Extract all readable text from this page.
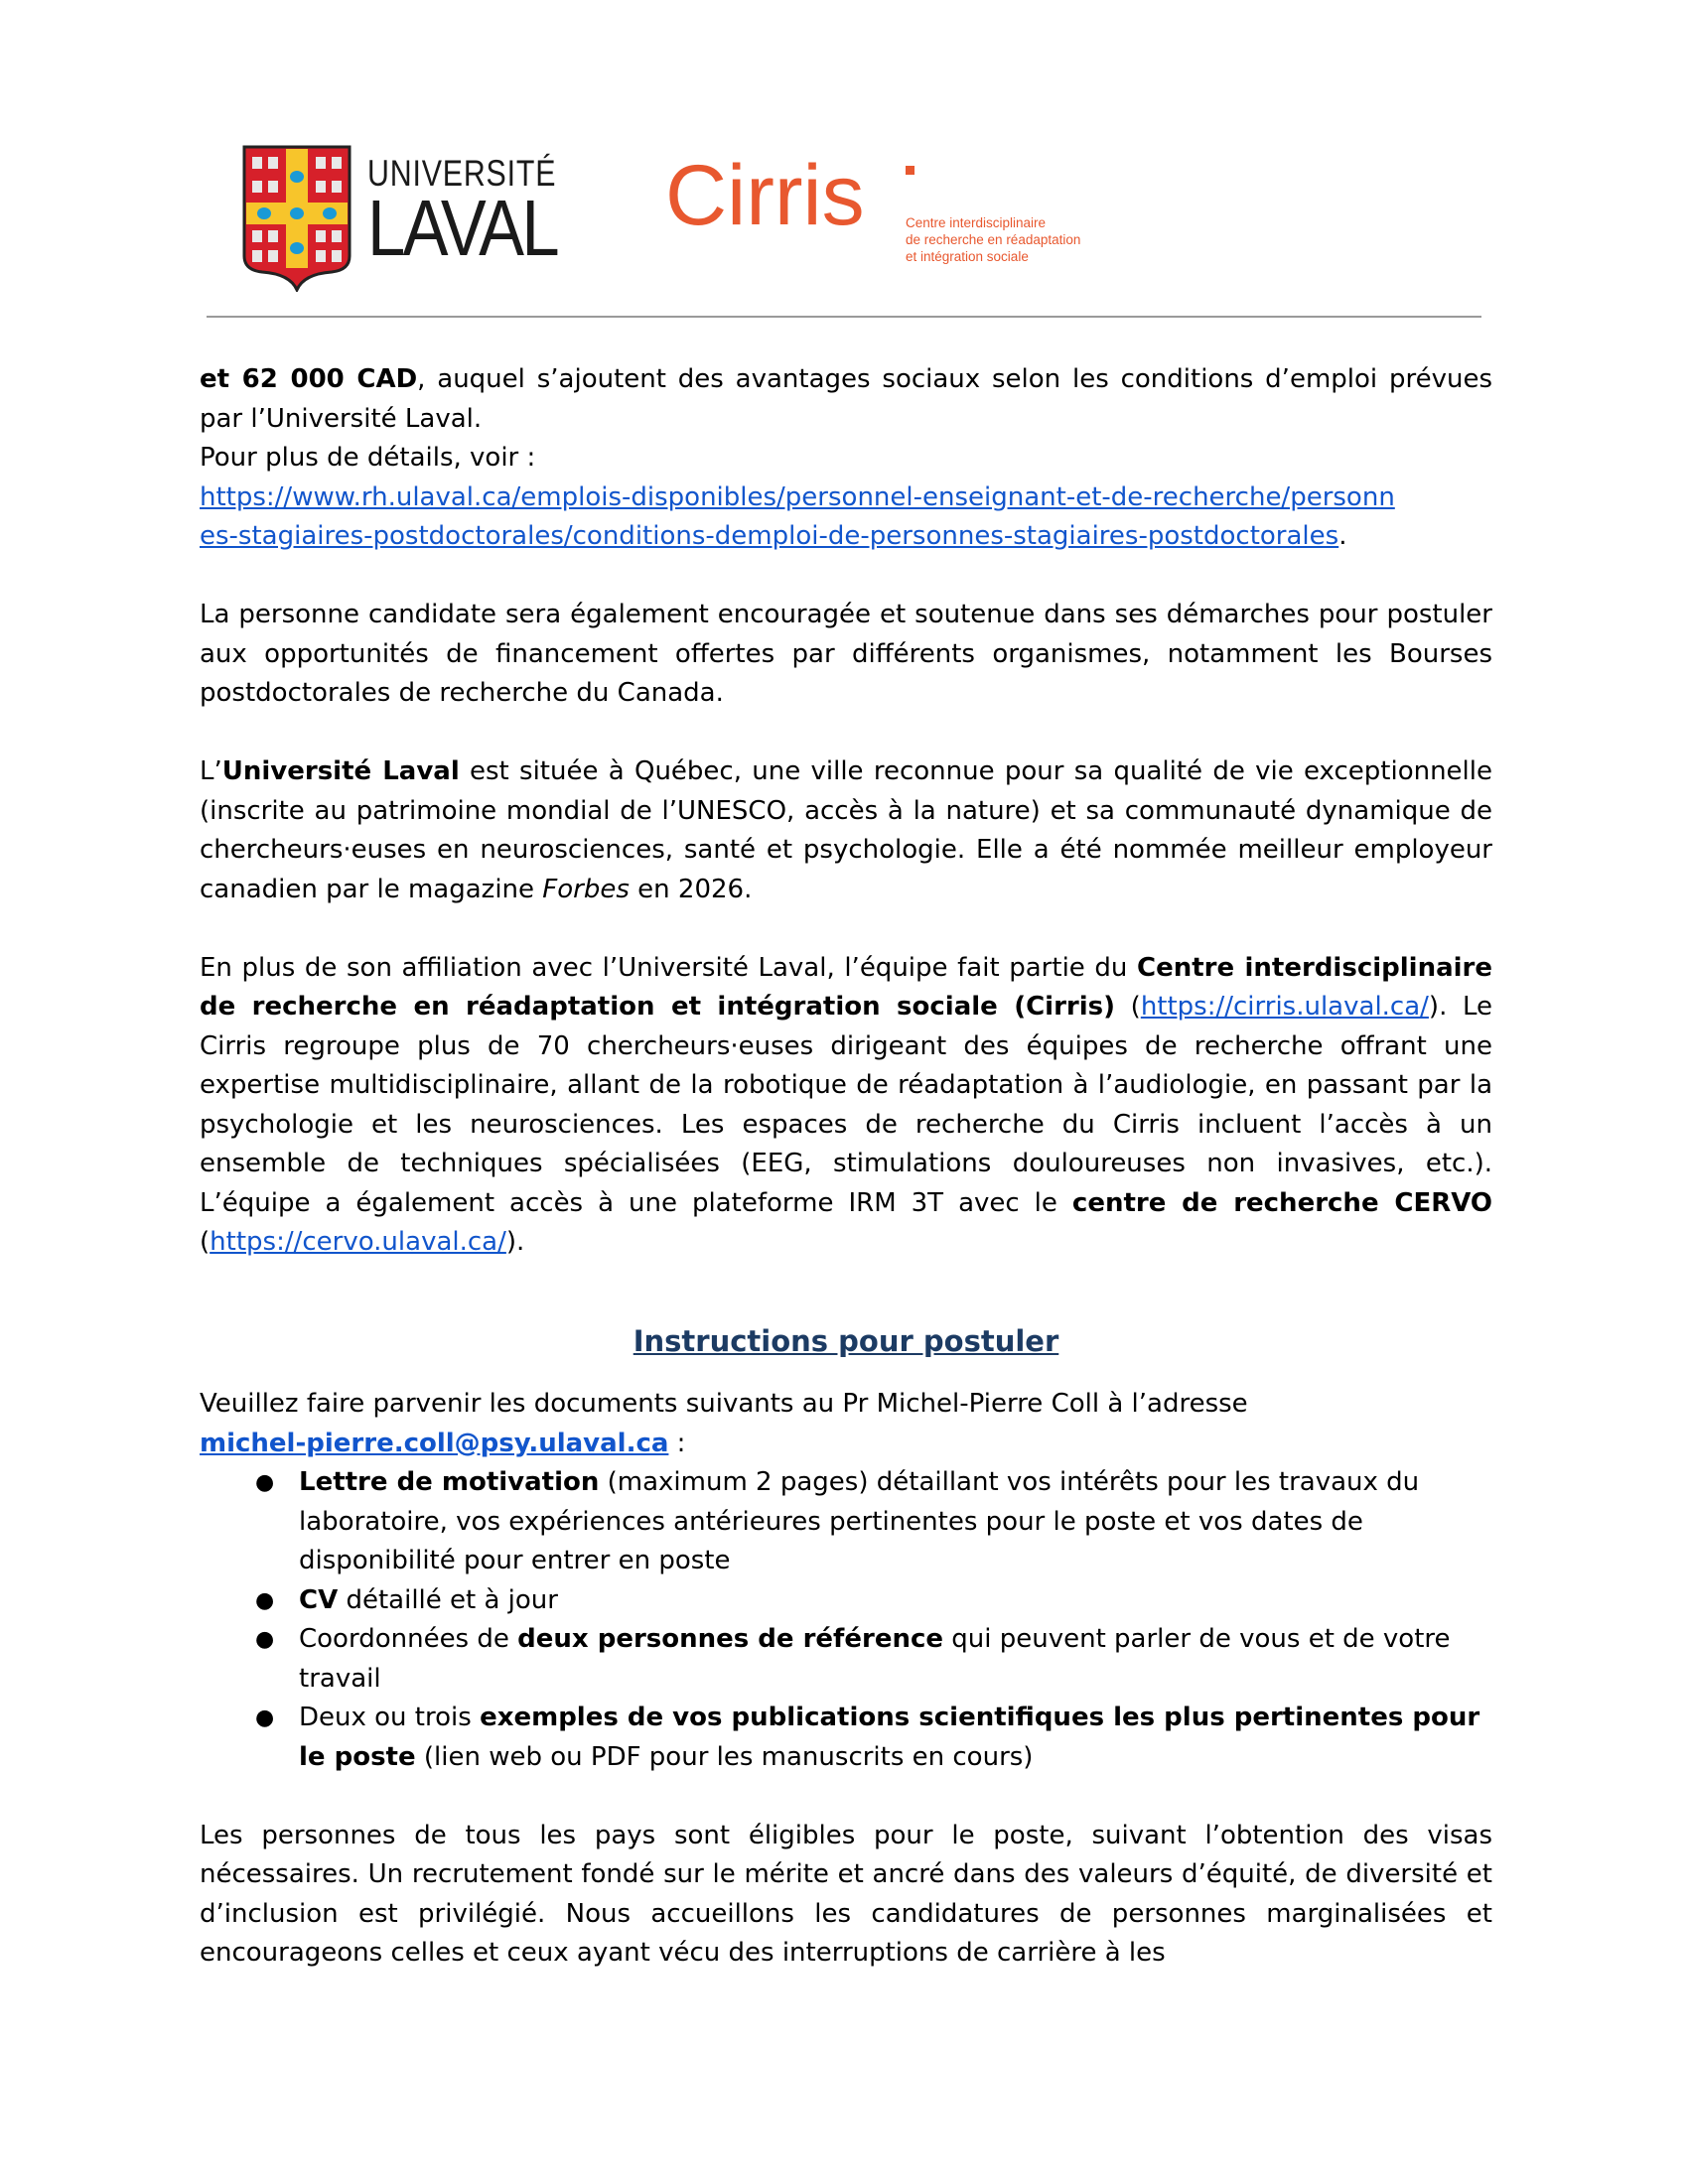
UNIVERSITÉ
LAVAL Cirris	Centre interdisciplinaire
de recherche en réadaptation
et intégration sociale

et 62 000 CAD, auquel s’ajoutent des avantages sociaux selon les conditions d’emploi prévues par l’Université Laval.

Pour plus de détails, voir :

https://www.rh.ulaval.ca/emplois-disponibles/personnel-enseignant-et-de-recherche/personn
es-stagiaires-postdoctorales/conditions-demploi-de-personnes-stagiaires-postdoctorales.

La personne candidate sera également encouragée et soutenue dans ses démarches pour postuler aux opportunités de financement offertes par différents organismes, notamment les Bourses postdoctorales de recherche du Canada.

L’Université Laval est située à Québec, une ville reconnue pour sa qualité de vie exceptionnelle (inscrite au patrimoine mondial de l’UNESCO, accès à la nature) et sa communauté dynamique de chercheurs·euses en neurosciences, santé et psychologie. Elle a été nommée meilleur employeur canadien par le magazine Forbes en 2026.

En plus de son affiliation avec l’Université Laval, l’équipe fait partie du Centre interdisciplinaire de recherche en réadaptation et intégration sociale (Cirris) (https://cirris.ulaval.ca/). Le Cirris regroupe plus de 70 chercheurs·euses dirigeant des équipes de recherche offrant une expertise multidisciplinaire, allant de la robotique de réadaptation à l’audiologie, en passant par la psychologie et les neurosciences. Les espaces de recherche du Cirris incluent l’accès à un ensemble de techniques spécialisées (EEG, stimulations douloureuses non invasives, etc.). L’équipe a également accès à une plateforme IRM 3T avec le centre de recherche CERVO (https://cervo.ulaval.ca/).

Instructions pour postuler

Veuillez faire parvenir les documents suivants au Pr Michel-Pierre Coll à l’adresse

michel-pierre.coll@psy.ulaval.ca :

● Lettre de motivation (maximum 2 pages) détaillant vos intérêts pour les travaux du laboratoire, vos expériences antérieures pertinentes pour le poste et vos dates de disponibilité pour entrer en poste
● CV détaillé et à jour
● Coordonnées de deux personnes de référence qui peuvent parler de vous et de votre travail
● Deux ou trois exemples de vos publications scientifiques les plus pertinentes pour le poste (lien web ou PDF pour les manuscrits en cours)

Les personnes de tous les pays sont éligibles pour le poste, suivant l’obtention des visas nécessaires. Un recrutement fondé sur le mérite et ancré dans des valeurs d’équité, de diversité et d’inclusion est privilégié. Nous accueillons les candidatures de personnes marginalisées et encourageons celles et ceux ayant vécu des interruptions de carrière à les
